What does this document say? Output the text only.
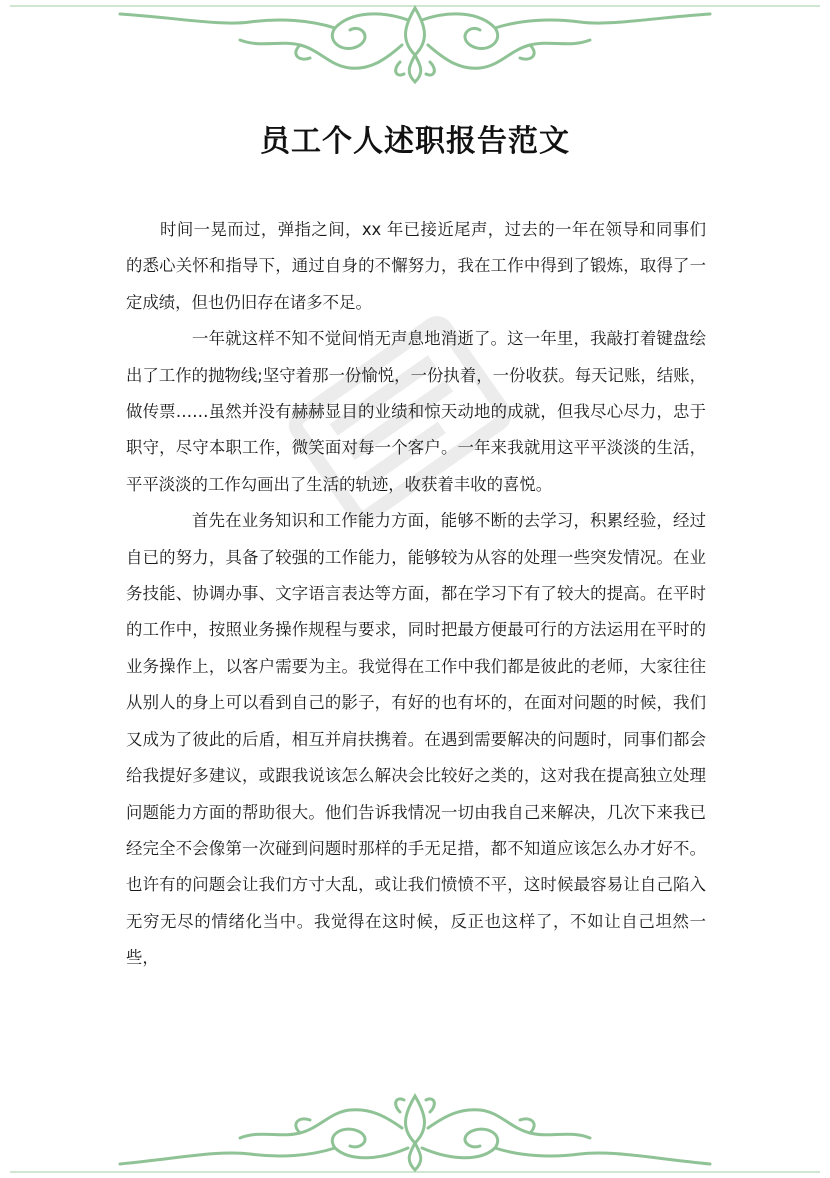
员工个人述职报告范文

时间一晃而过，弹指之间，xx 年已接近尾声，过去的一年在领导和同事们的悉心关怀和指导下，通过自身的不懈努力，我在工作中得到了锻炼，取得了一定成绩，但也仍旧存在诸多不足。

一年就这样不知不觉间悄无声息地消逝了。这一年里，我敲打着键盘绘出了工作的抛物线;坚守着那一份愉悦，一份执着，一份收获。每天记账，结账，做传票……虽然并没有赫赫显目的业绩和惊天动地的成就，但我尽心尽力，忠于职守，尽守本职工作，微笑面对每一个客户。一年来我就用这平平淡淡的生活，平平淡淡的工作勾画出了生活的轨迹，收获着丰收的喜悦。

首先在业务知识和工作能力方面，能够不断的去学习，积累经验，经过自已的努力，具备了较强的工作能力，能够较为从容的处理一些突发情况。在业务技能、协调办事、文字语言表达等方面，都在学习下有了较大的提高。在平时的工作中，按照业务操作规程与要求，同时把最方便最可行的方法运用在平时的业务操作上，以客户需要为主。我觉得在工作中我们都是彼此的老师，大家往往从别人的身上可以看到自己的影子，有好的也有坏的，在面对问题的时候，我们又成为了彼此的后盾，相互并肩扶携着。在遇到需要解决的问题时，同事们都会给我提好多建议，或跟我说该怎么解决会比较好之类的，这对我在提高独立处理问题能力方面的帮助很大。他们告诉我情况一切由我自己来解决，几次下来我已经完全不会像第一次碰到问题时那样的手无足措，都不知道应该怎么办才好不。也许有的问题会让我们方寸大乱，或让我们愤愤不平，这时候最容易让自己陷入无穷无尽的情绪化当中。我觉得在这时候，反正也这样了，不如让自己坦然一些，
